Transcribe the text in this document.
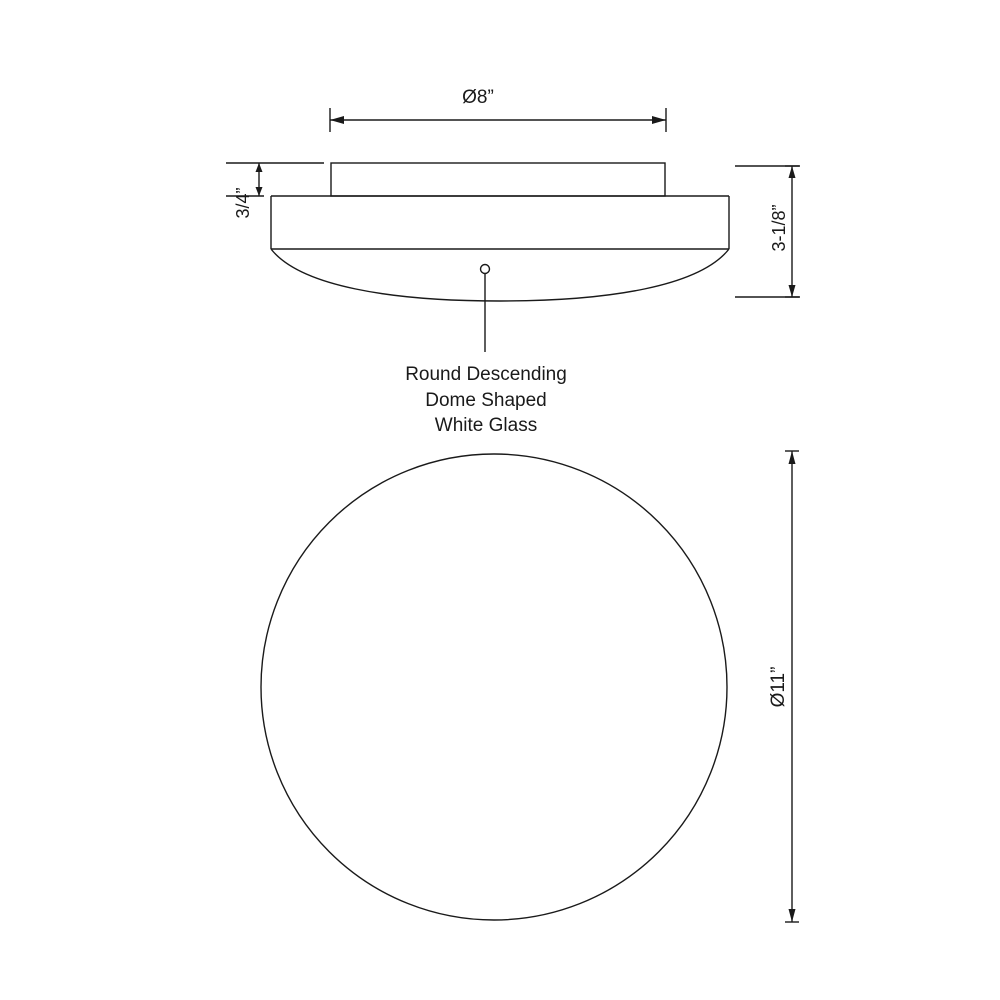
Ø8”
3/4”
3-1/8”
Ø11”
Round Descending
Dome Shaped
White Glass
